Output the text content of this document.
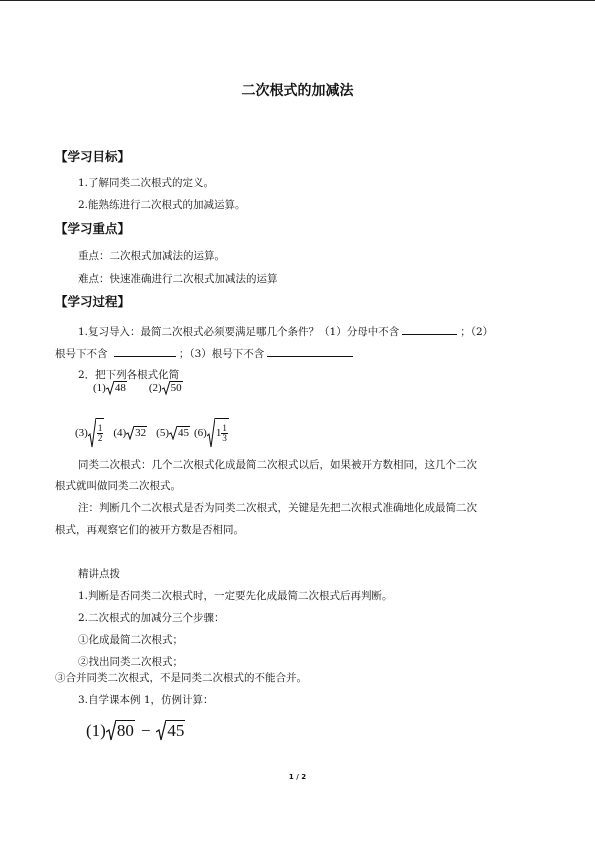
二次根式的加减法
【学习目标】
1.了解同类二次根式的定义。
2.能熟练进行二次根式的加减运算。
【学习重点】
重点：二次根式加减法的运算。
难点：快速准确进行二次根式加减法的运算
【学习过程】
1.复习导入：最简二次根式必须要满足哪几个条件？（1）分母中不含	；（2）
根号下不含	；（3）根号下不含
2．把下列各根式化简
(1) 48 (2) 50
$(3) \frac{1}{2} (4)$ 32 (5) 45 (6) $1 \frac{1}{3}$
同类二次根式：几个二次根式化成最简二次根式以后，如果被开方数相同，这几个二次
根式就叫做同类二次根式。
注：判断几个二次根式是否为同类二次根式，关键是先把二次根式准确地化成最简二次
根式，再观察它们的被开方数是否相同。
精讲点拨
1.判断是否同类二次根式时，一定要先化成最简二次根式后再判断。
2.二次根式的加减分三个步骤：
①化成最简二次根式；
②找出同类二次根式；
③合并同类二次根式，不是同类二次根式的不能合并。
3.自学课本例 1，仿例计算：
(1) 80 − 45
1 / 2
